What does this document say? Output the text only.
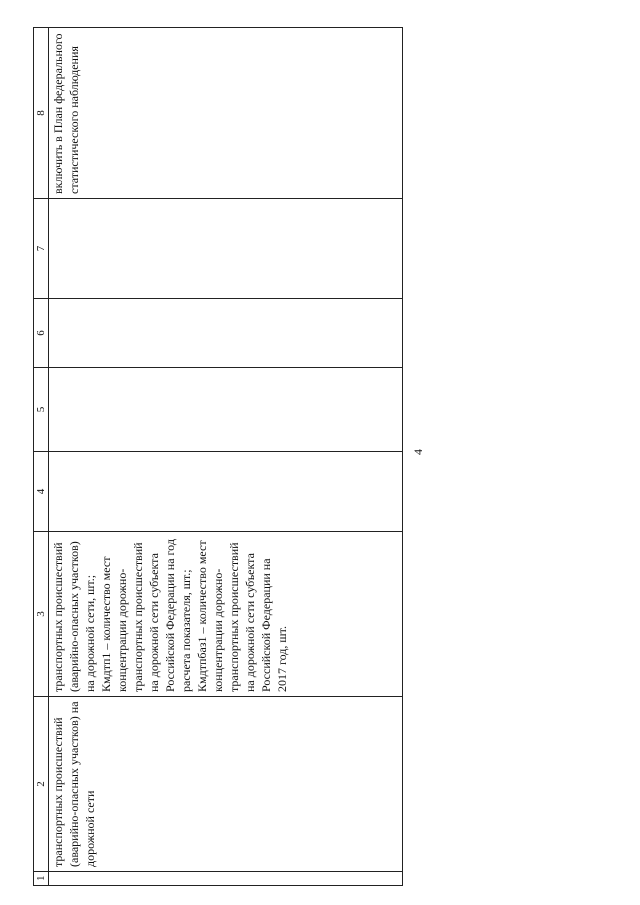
4
1	2	3	4	5	6	7	8
	транспортных происшествий (аварийно-опасных участков) на дорожной сети	транспортных происшествий (аварийно-опасных участков) на дорожной сети, шт.;
Кмдтп1 – количество мест концентрации дорожно-транспортных происшествий на дорожной сети субъекта Российской Федерации на год расчета показателя, шт.;
Кмдтпбаз1 – количество мест концентрации дорожно-транспортных происшествий на дорожной сети субъекта Российской Федерации на 2017 год, шт.					включить в План федерального статистического наблюдения
